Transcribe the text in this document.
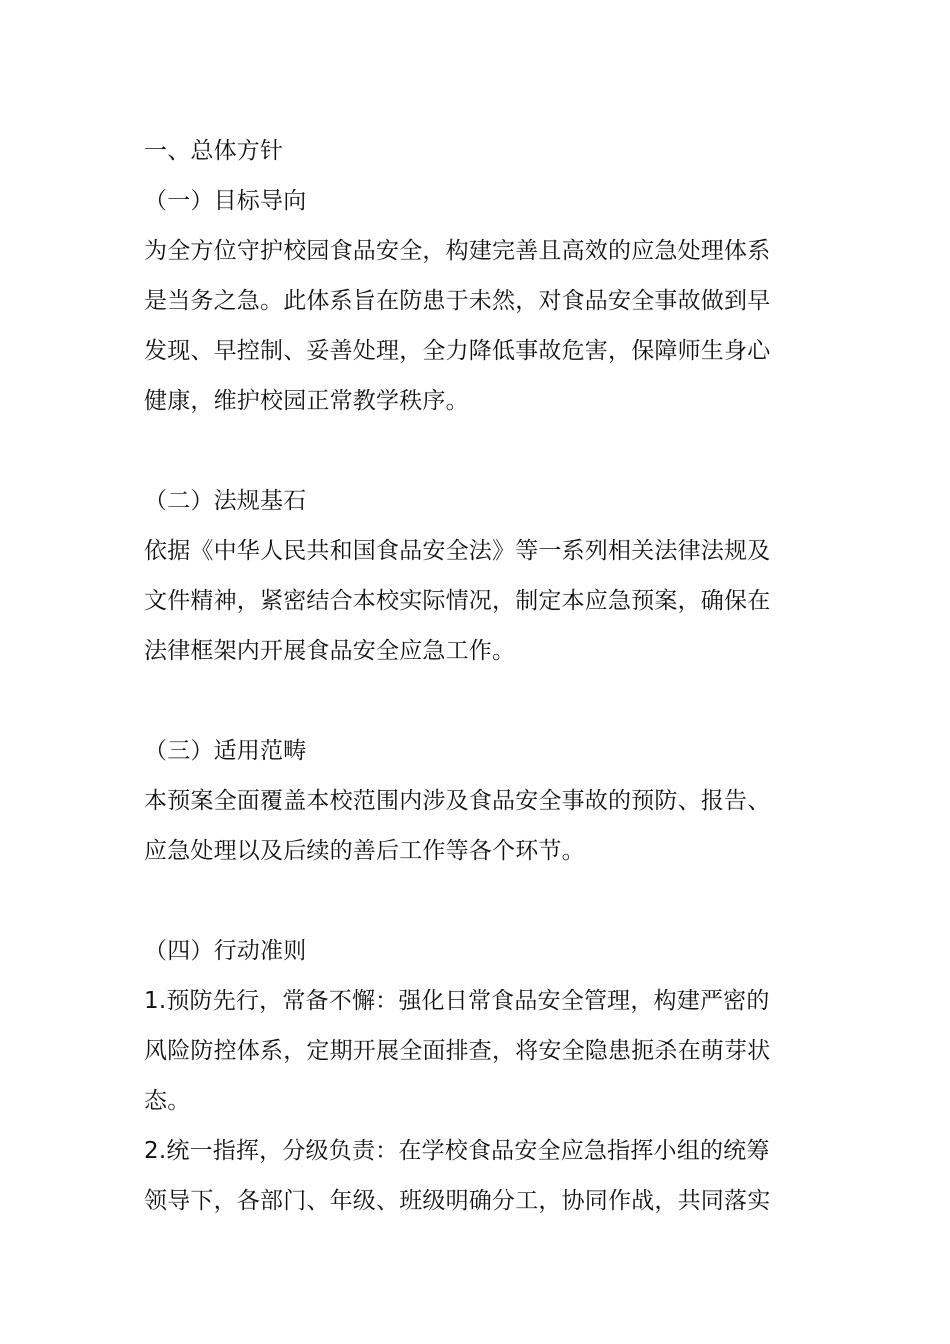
一、总体方针
（一）目标导向
为全方位守护校园食品安全，构建完善且高效的应急处理体系
是当务之急。此体系旨在防患于未然，对食品安全事故做到早
发现、早控制、妥善处理，全力降低事故危害，保障师生身心
健康，维护校园正常教学秩序。
（二）法规基石
依据《中华人民共和国食品安全法》等一系列相关法律法规及
文件精神，紧密结合本校实际情况，制定本应急预案，确保在
法律框架内开展食品安全应急工作。
（三）适用范畴
本预案全面覆盖本校范围内涉及食品安全事故的预防、报告、
应急处理以及后续的善后工作等各个环节。
（四）行动准则
1.预防先行，常备不懈：强化日常食品安全管理，构建严密的
风险防控体系，定期开展全面排查，将安全隐患扼杀在萌芽状
态。
2.统一指挥，分级负责：在学校食品安全应急指挥小组的统筹
领导下，各部门、年级、班级明确分工，协同作战，共同落实
